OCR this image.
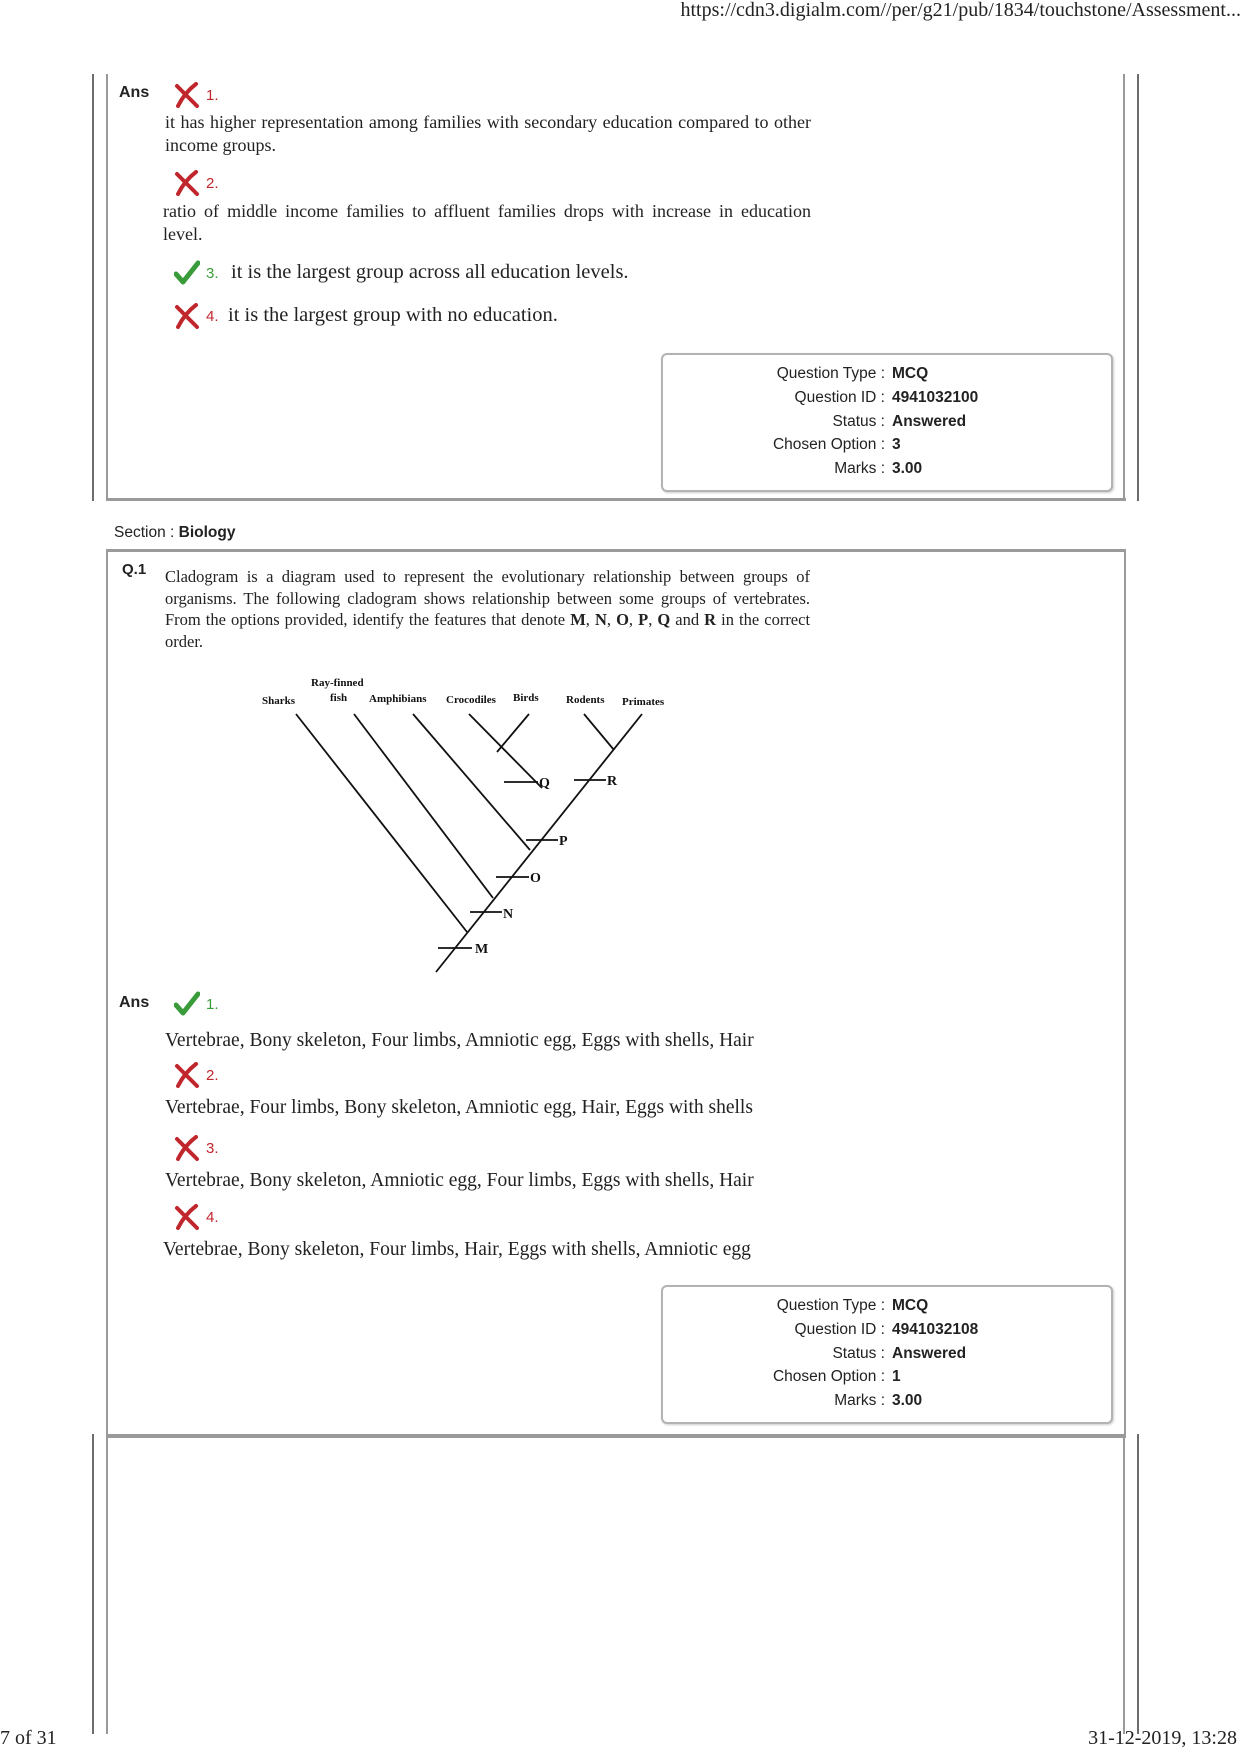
https://cdn3.digialm.com//per/g21/pub/1834/touchstone/Assessment...
Ans	1.
it has higher representation among families with secondary education compared to other income groups.
2.
ratio of middle income families to affluent families drops with increase in education level.
3. it is the largest group across all education levels.
4. it is the largest group with no education.
Question Type : MCQ
Question ID : 4941032100
Status : Answered
Chosen Option : 3
Marks : 3.00
Section : Biology
Q.1 Cladogram is a diagram used to represent the evolutionary relationship between groups of organisms. The following cladogram shows relationship between some groups of vertebrates. From the options provided, identify the features that denote M, N, O, P, Q and R in the correct order.
Sharks
Ray-finned
fish Amphibians Crocodiles Birds Rodents Primates
M
N
O
P
Q	R
Ans	1.
Vertebrae, Bony skeleton, Four limbs, Amniotic egg, Eggs with shells, Hair
2.
Vertebrae, Four limbs, Bony skeleton, Amniotic egg, Hair, Eggs with shells
3.
Vertebrae, Bony skeleton, Amniotic egg, Four limbs, Eggs with shells, Hair
4.
Vertebrae, Bony skeleton, Four limbs, Hair, Eggs with shells, Amniotic egg
Question Type : MCQ
Question ID : 4941032108
Status : Answered
Chosen Option : 1
Marks : 3.00
7 of 31	31-12-2019, 13:28
